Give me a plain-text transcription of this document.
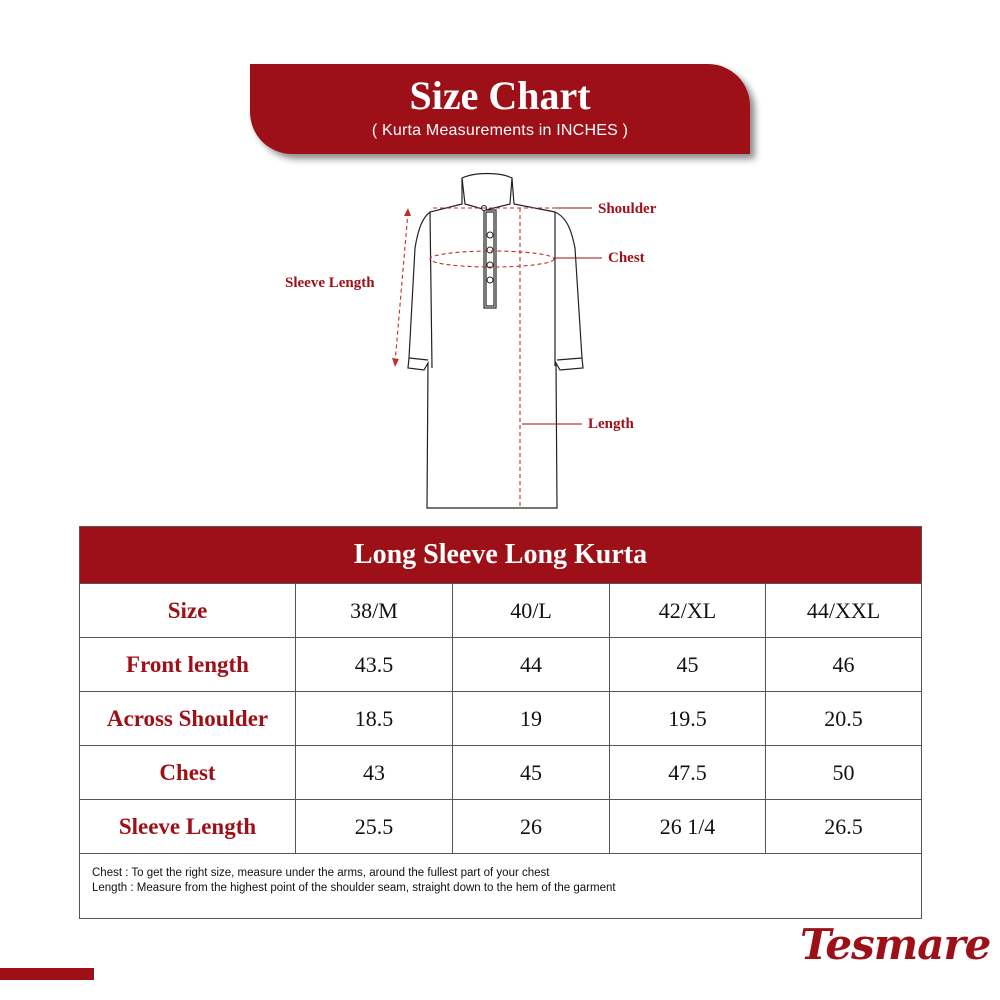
Size Chart
( Kurta Measurements in INCHES )
Shoulder
Chest
Sleeve Length
Length
Long Sleeve Long Kurta				
Size	38/M	40/L	42/XL	44/XXL
Front length	43.5	44	45	46
Across Shoulder	18.5	19	19.5	20.5
Chest	43	45	47.5	50
Sleeve Length	25.5	26	26 1/4	26.5

Chest : To get the right size, measure under the arms, around the fullest part of your chest
Length : Measure from the highest point of the shoulder seam, straight down to the hem of the garment				
Tesmare
